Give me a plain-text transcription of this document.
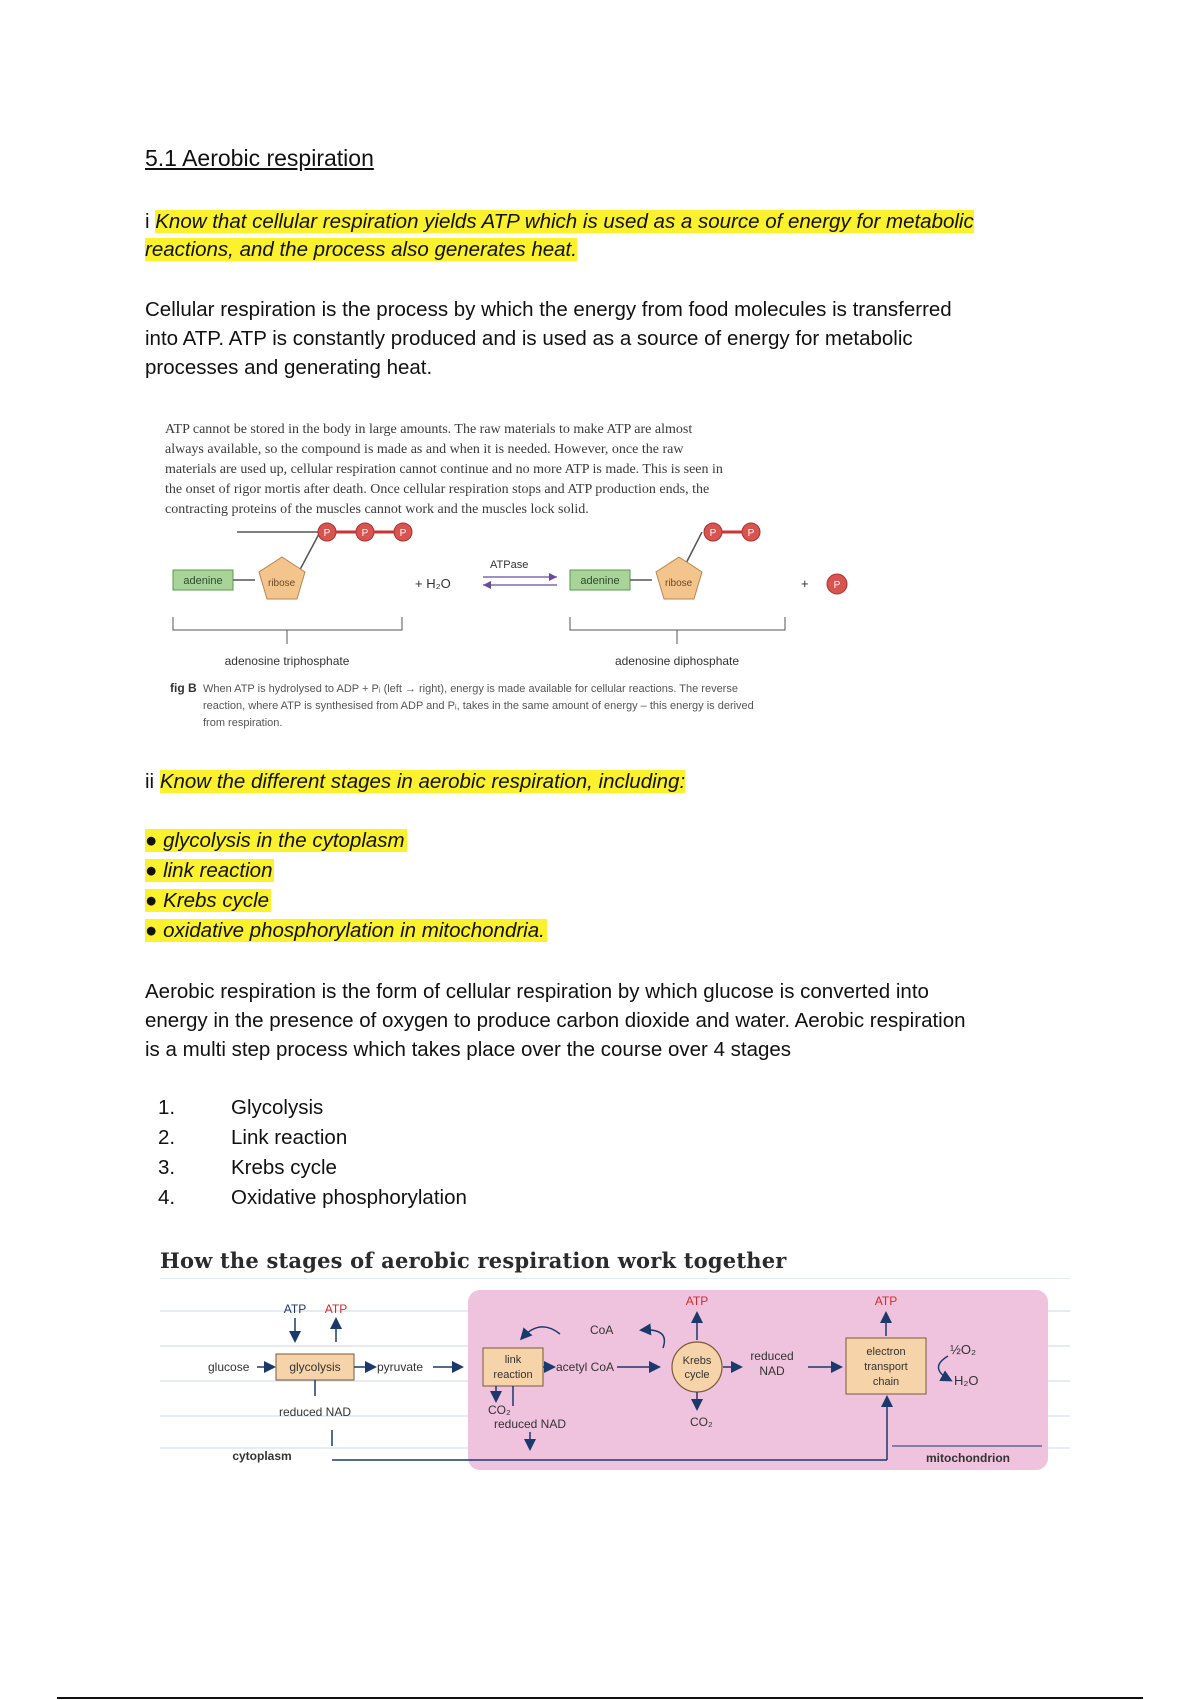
5.1 Aerobic respiration
i Know that cellular respiration yields ATP which is used as a source of energy for metabolic
reactions, and the process also generates heat.

Cellular respiration is the process by which the energy from food molecules is transferred
into ATP. ATP is constantly produced and is used as a source of energy for metabolic
processes and generating heat.

ATP cannot be stored in the body in large amounts. The raw materials to make ATP are almost
always available, so the compound is made as and when it is needed. However, once the raw
materials are used up, cellular respiration cannot continue and no more ATP is made. This is seen in
the onset of rigor mortis after death. Once cellular respiration stops and ATP production ends, the
contracting proteins of the muscles cannot work and the muscles lock solid.

P	P	P
adenine	ribose
adenosine triphosphate
+ H₂O
ATPase
P	P
adenine	ribose
adenosine diphosphate
+	P
fig B When ATP is hydrolysed to ADP + Pᵢ (left → right), energy is made available for cellular reactions. The reverse
reaction, where ATP is synthesised from ADP and Pᵢ, takes in the same amount of energy – this energy is derived
from respiration.
ii Know the different stages in aerobic respiration, including:
● glycolysis in the cytoplasm
● link reaction
● Krebs cycle
● oxidative phosphorylation in mitochondria.

Aerobic respiration is the form of cellular respiration by which glucose is converted into
energy in the presence of oxygen to produce carbon dioxide and water. Aerobic respiration
is a multi step process which takes place over the course over 4 stages

1.	Glycolysis
2.	Link reaction
3.	Krebs cycle
4.	Oxidative phosphorylation

How the stages of aerobic respiration work together

ATP ATP
glucose	glycolysis	pyruvate
reduced NAD
cytoplasm
link
reaction
acetyl CoA
CoA
CO₂
reduced NAD
Krebs
cycle
ATP
CO₂
reduced
NAD
electron
transport
chain
ATP
½O₂
H₂O
mitochondrion
